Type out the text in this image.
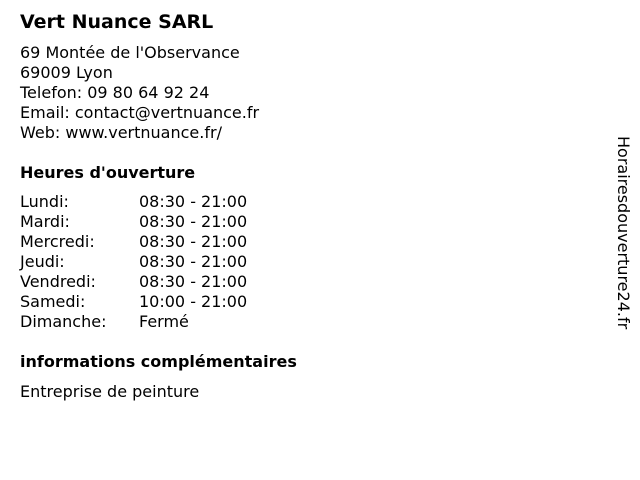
Vert Nuance SARL
69 Montée de l'Observance
69009 Lyon
Telefon: 09 80 64 92 24
Email: contact@vertnuance.fr
Web: www.vertnuance.fr/
Heures d'ouverture
Lundi:	08:30 - 21:00
Mardi:	08:30 - 21:00
Mercredi:	08:30 - 21:00
Jeudi:	08:30 - 21:00
Vendredi:	08:30 - 21:00
Samedi:	10:00 - 21:00
Dimanche:	Fermé
informations complémentaires
Entreprise de peinture
Horairesdouverture24.fr
